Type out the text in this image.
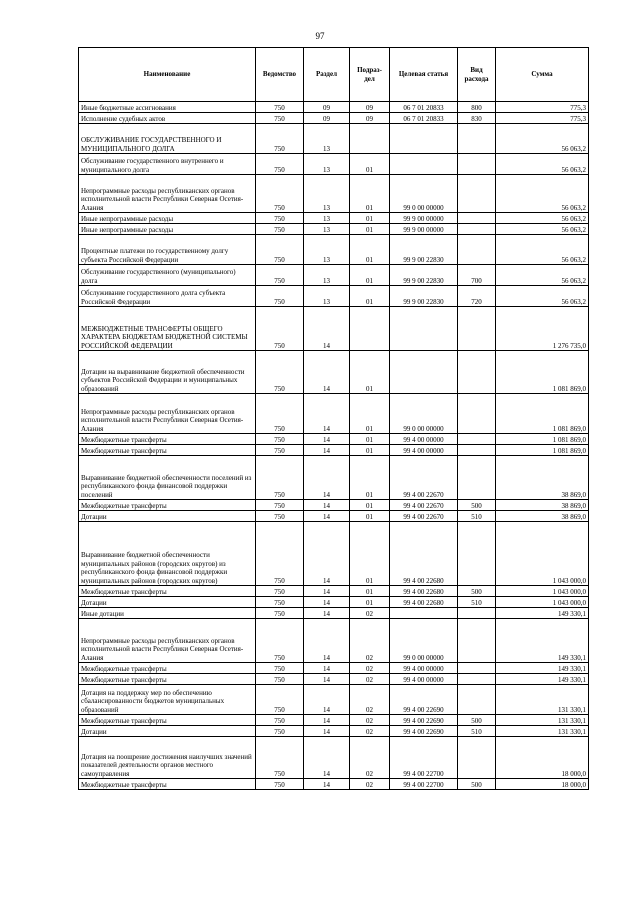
97
Наименование	Ведомство	Раздел	Подраз-дел	Целевая статья	Вид расхода	Сумма
Иные бюджетные ассигнования	750	09	09	06 7 01 20833	800	775,3
Исполнение судебных актов	750	09	09	06 7 01 20833	830	775,3
ОБСЛУЖИВАНИЕ ГОСУДАРСТВЕННОГО И МУНИЦИПАЛЬНОГО ДОЛГА	750	13				56 063,2
Обслуживание государственного внутреннего и муниципального долга	750	13	01			56 063,2
Непрограммные расходы республиканских органов исполнительной власти Республики Северная Осетия-Алания	750	13	01	99 0 00 00000		56 063,2
Иные непрограммные расходы	750	13	01	99 9 00 00000		56 063,2
Иные непрограммные расходы	750	13	01	99 9 00 00000		56 063,2
Процентные платежи по государственному долгу субъекта Российской Федерации	750	13	01	99 9 00 22830		56 063,2
Обслуживание государственного (муниципального) долга	750	13	01	99 9 00 22830	700	56 063,2
Обслуживание государственного долга субъекта Российской Федерации	750	13	01	99 9 00 22830	720	56 063,2
МЕЖБЮДЖЕТНЫЕ ТРАНСФЕРТЫ ОБЩЕГО ХАРАКТЕРА БЮДЖЕТАМ БЮДЖЕТНОЙ СИСТЕМЫ РОССИЙСКОЙ ФЕДЕРАЦИИ	750	14				1 276 735,0
Дотации на выравнивание бюджетной обеспеченности субъектов Российской Федерации и муниципальных образований	750	14	01			1 081 869,0
Непрограммные расходы республиканских органов исполнительной власти Республики Северная Осетия-Алания	750	14	01	99 0 00 00000		1 081 869,0
Межбюджетные трансферты	750	14	01	99 4 00 00000		1 081 869,0
Межбюджетные трансферты	750	14	01	99 4 00 00000		1 081 869,0
Выравнивание бюджетной обеспеченности поселений из республиканского фонда финансовой поддержки поселений	750	14	01	99 4 00 22670		38 869,0
Межбюджетные трансферты	750	14	01	99 4 00 22670	500	38 869,0
Дотации	750	14	01	99 4 00 22670	510	38 869,0
Выравнивание бюджетной обеспеченности муниципальных районов (городских округов) из республиканского фонда финансовой поддержки муниципальных районов (городских округов)	750	14	01	99 4 00 22680		1 043 000,0
Межбюджетные трансферты	750	14	01	99 4 00 22680	500	1 043 000,0
Дотации	750	14	01	99 4 00 22680	510	1 043 000,0
Иные дотации	750	14	02			149 330,1
Непрограммные расходы республиканских органов исполнительной власти Республики Северная Осетия-Алания	750	14	02	99 0 00 00000		149 330,1
Межбюджетные трансферты	750	14	02	99 4 00 00000		149 330,1
Межбюджетные трансферты	750	14	02	99 4 00 00000		149 330,1
Дотация на поддержку мер по обеспечению сбалансированности бюджетов муниципальных образований	750	14	02	99 4 00 22690		131 330,1
Межбюджетные трансферты	750	14	02	99 4 00 22690	500	131 330,1
Дотации	750	14	02	99 4 00 22690	510	131 330,1
Дотация на поощрение достижения наилучших значений показателей деятельности органов местного самоуправления	750	14	02	99 4 00 22700		18 000,0
Межбюджетные трансферты	750	14	02	99 4 00 22700	500	18 000,0
